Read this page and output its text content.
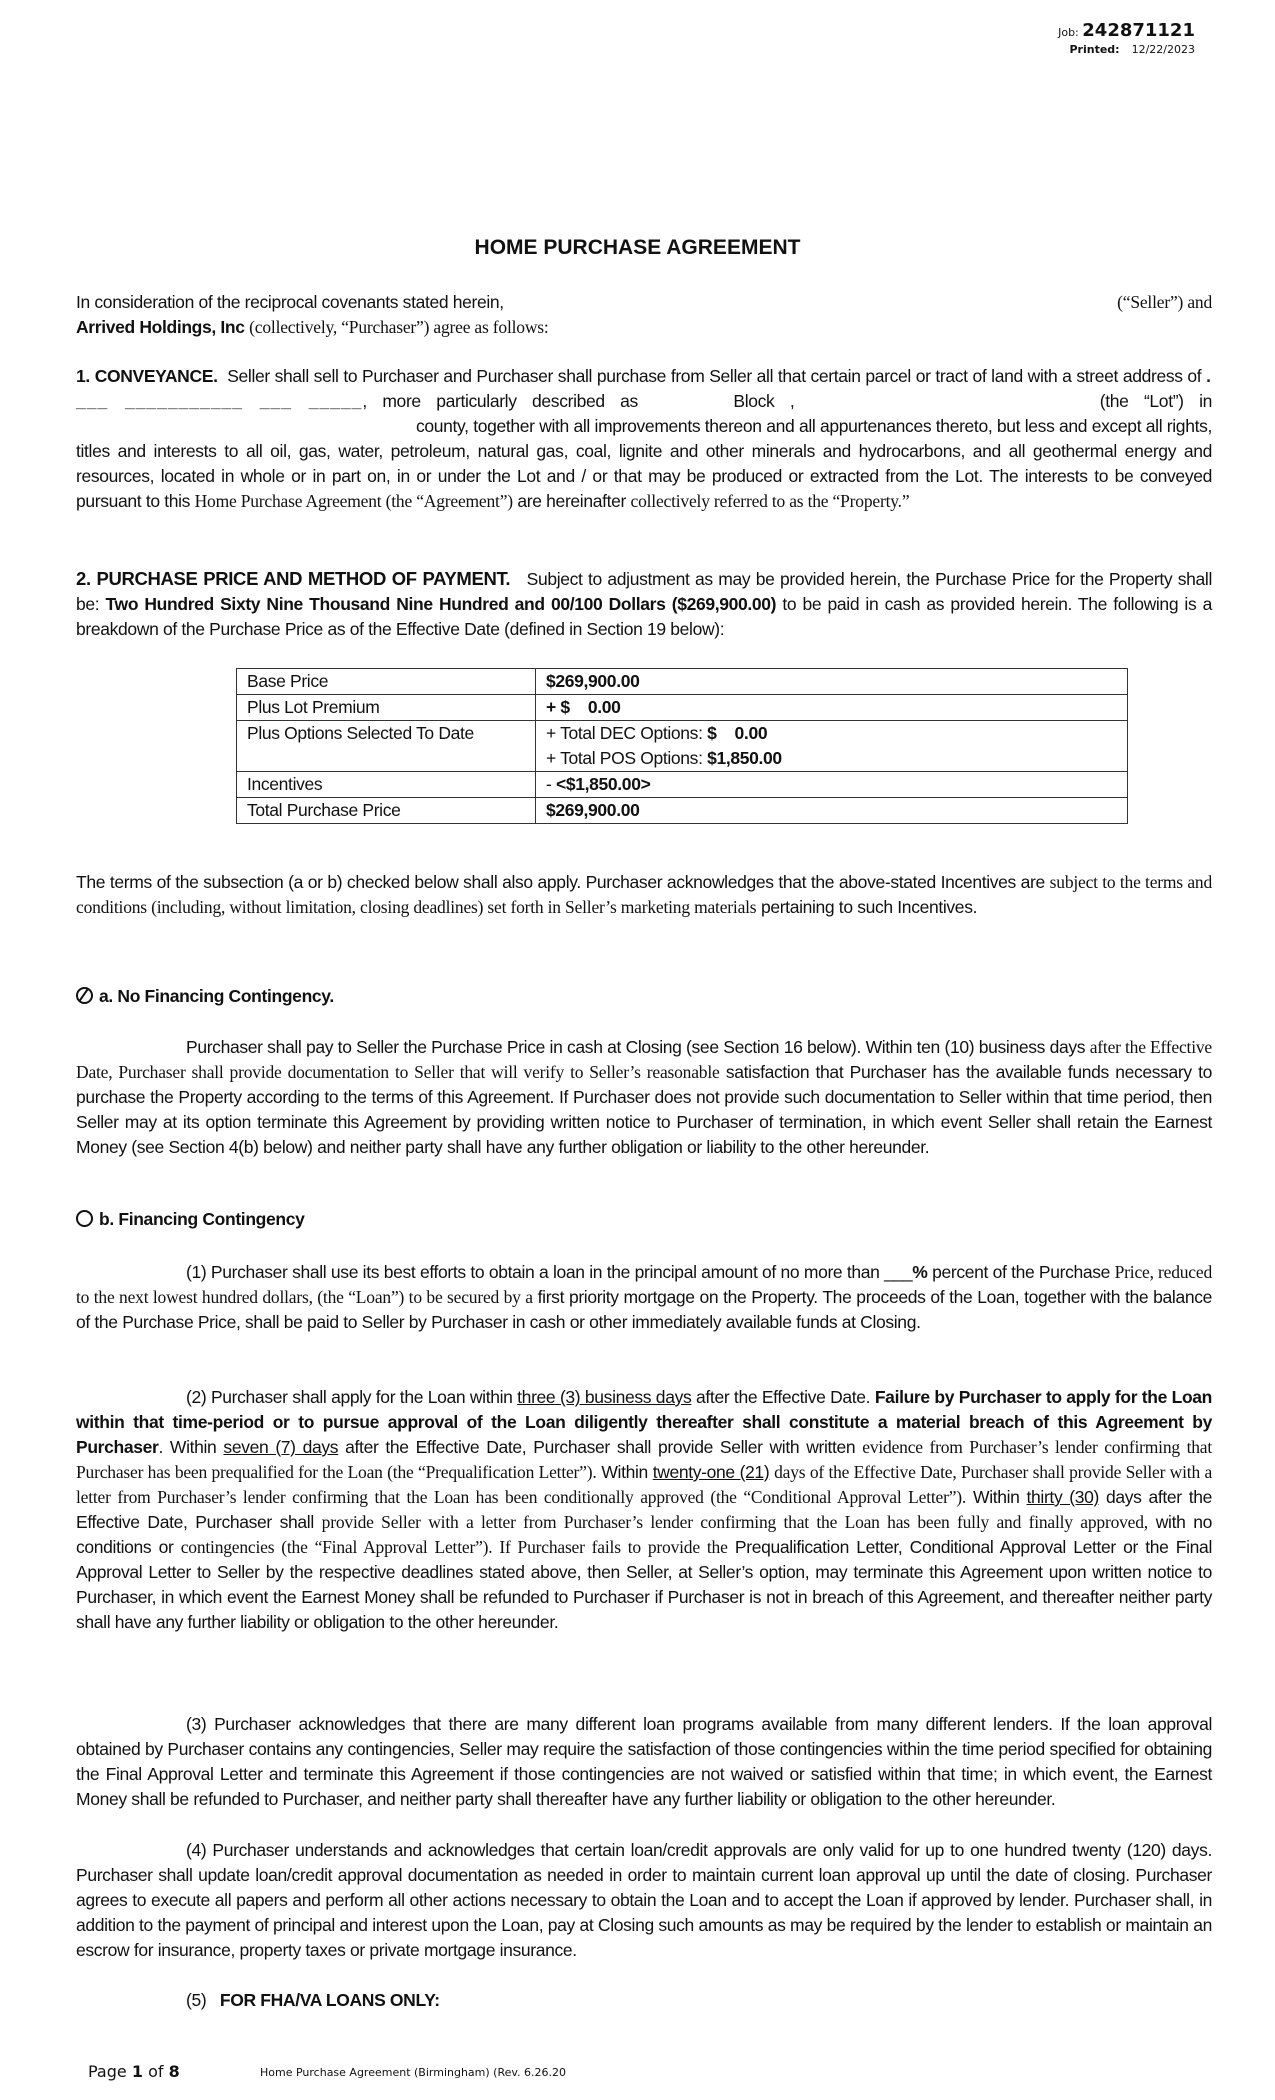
Job: 242871121
Printed: 12/22/2023
HOME PURCHASE AGREEMENT

In consideration of the reciprocal covenants stated herein,	(“Seller”) and

Arrived Holdings, Inc (collectively, “Purchaser”) agree as follows:

1. CONVEYANCE. Seller shall sell to Purchaser and Purchaser shall purchase from Seller all that certain parcel or tract of land with a street address of . ___ ___________ ___ _____, more particularly described as	Block ,	(the “Lot”) in county, together with all improvements thereon and all appurtenances thereto, but less and except all rights, titles and interests to all oil, gas, water, petroleum, natural gas, coal, lignite and other minerals and hydrocarbons, and all geothermal energy and resources, located in whole or in part on, in or under the Lot and / or that may be produced or extracted from the Lot. The interests to be conveyed pursuant to this Home Purchase Agreement (the “Agreement”) are hereinafter collectively referred to as the “Property.”

2. PURCHASE PRICE AND METHOD OF PAYMENT. Subject to adjustment as may be provided herein, the Purchase Price for the Property shall be: Two Hundred Sixty Nine Thousand Nine Hundred and 00/100 Dollars ($269,900.00) to be paid in cash as provided herein. The following is a breakdown of the Purchase Price as of the Effective Date (defined in Section 19 below):

Base Price	$269,900.00
Plus Lot Premium	+ $ 0.00
Plus Options Selected To Date	+ Total DEC Options: $ 0.00
+ Total POS Options: $1,850.00

Incentives	- <$1,850.00>
Total Purchase Price	$269,900.00

The terms of the subsection (a or b) checked below shall also apply. Purchaser acknowledges that the above-stated Incentives are subject to the terms and conditions (including, without limitation, closing deadlines) set forth in Seller’s marketing materials pertaining to such Incentives.

a. No Financing Contingency.

Purchaser shall pay to Seller the Purchase Price in cash at Closing (see Section 16 below). Within ten (10) business days after the Effective Date, Purchaser shall provide documentation to Seller that will verify to Seller’s reasonable satisfaction that Purchaser has the available funds necessary to purchase the Property according to the terms of this Agreement. If Purchaser does not provide such documentation to Seller within that time period, then Seller may at its option terminate this Agreement by providing written notice to Purchaser of termination, in which event Seller shall retain the Earnest Money (see Section 4(b) below) and neither party shall have any further obligation or liability to the other hereunder.

b. Financing Contingency

(1) Purchaser shall use its best efforts to obtain a loan in the principal amount of no more than ___% percent of the Purchase Price, reduced to the next lowest hundred dollars, (the “Loan”) to be secured by a first priority mortgage on the Property. The proceeds of the Loan, together with the balance of the Purchase Price, shall be paid to Seller by Purchaser in cash or other immediately available funds at Closing.

(2) Purchaser shall apply for the Loan within three (3) business days after the Effective Date. Failure by Purchaser to apply for the Loan within that time-period or to pursue approval of the Loan diligently thereafter shall constitute a material breach of this Agreement by Purchaser. Within seven (7) days after the Effective Date, Purchaser shall provide Seller with written evidence from Purchaser’s lender confirming that Purchaser has been prequalified for the Loan (the “Prequalification Letter”). Within twenty-one (21) days of the Effective Date, Purchaser shall provide Seller with a letter from Purchaser’s lender confirming that the Loan has been conditionally approved (the “Conditional Approval Letter”). Within thirty (30) days after the Effective Date, Purchaser shall provide Seller with a letter from Purchaser’s lender confirming that the Loan has been fully and finally approved, with no conditions or contingencies (the “Final Approval Letter”). If Purchaser fails to provide the Prequalification Letter, Conditional Approval Letter or the Final Approval Letter to Seller by the respective deadlines stated above, then Seller, at Seller’s option, may terminate this Agreement upon written notice to Purchaser, in which event the Earnest Money shall be refunded to Purchaser if Purchaser is not in breach of this Agreement, and thereafter neither party shall have any further liability or obligation to the other hereunder.

(3) Purchaser acknowledges that there are many different loan programs available from many different lenders. If the loan approval obtained by Purchaser contains any contingencies, Seller may require the satisfaction of those contingencies within the time period specified for obtaining the Final Approval Letter and terminate this Agreement if those contingencies are not waived or satisfied within that time; in which event, the Earnest Money shall be refunded to Purchaser, and neither party shall thereafter have any further liability or obligation to the other hereunder.

(4) Purchaser understands and acknowledges that certain loan/credit approvals are only valid for up to one hundred twenty (120) days. Purchaser shall update loan/credit approval documentation as needed in order to maintain current loan approval up until the date of closing. Purchaser agrees to execute all papers and perform all other actions necessary to obtain the Loan and to accept the Loan if approved by lender. Purchaser shall, in addition to the payment of principal and interest upon the Loan, pay at Closing such amounts as may be required by the lender to establish or maintain an escrow for insurance, property taxes or private mortgage insurance.

(5) FOR FHA/VA LOANS ONLY:

Page 1 of 8	Home Purchase Agreement (Birmingham) (Rev. 6.26.20
